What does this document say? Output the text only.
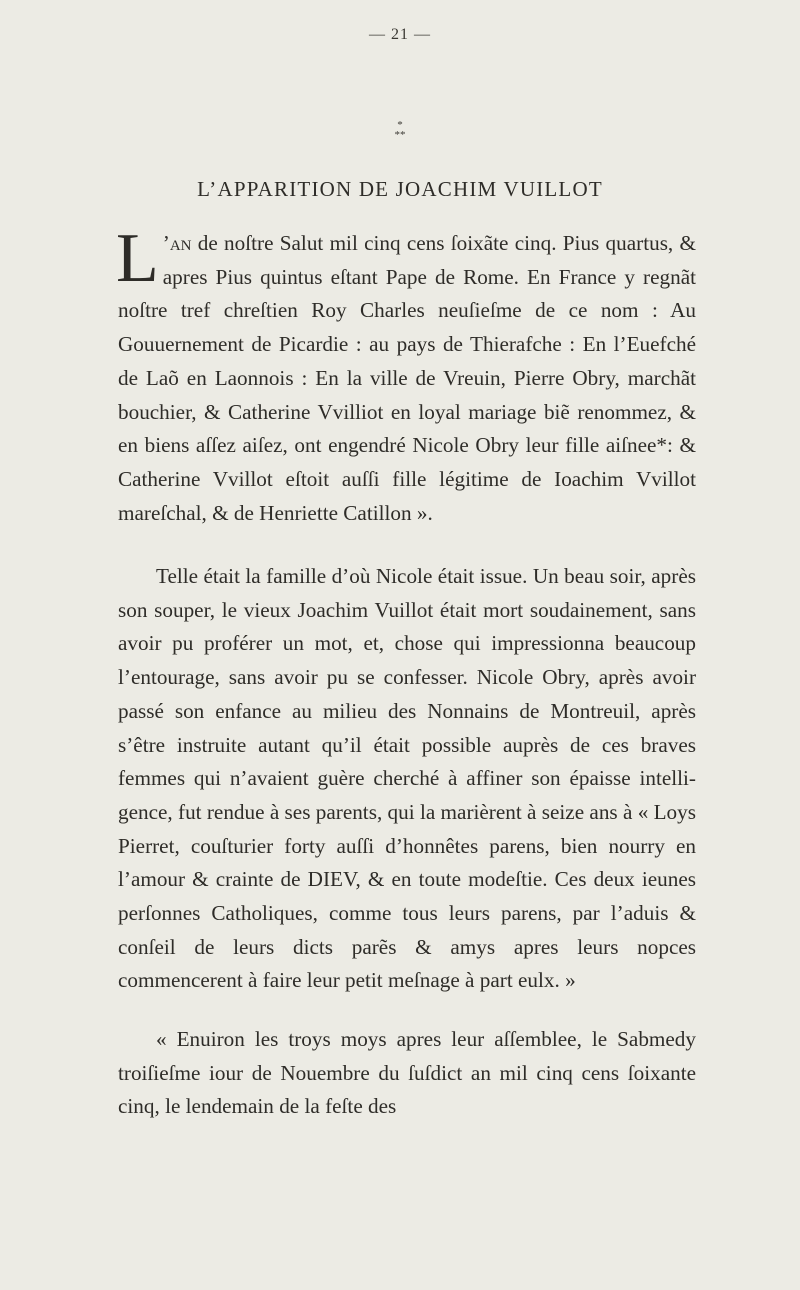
— 21 —
*
**
L’APPARITION DE JOACHIM VUILLOT

L ’an de noſtre Salut mil cinq cens ſoixãte cinq. Pius quartus, & apres Pius quintus eſtant Pape de Rome. En France y regnãt noſtre tref chreſtien Roy Charles neuſieſme de ce nom : Au Gouuernement de Picardie : au pays de Thierafche : En l’Euefché de Laõ en Laonnois : En la ville de Vreuin, Pierre Obry, marchãt bouchier, & Catherine Vvilliot en loyal mariage biẽ renommez, & en biens aſſez aiſez, ont engendré Nicole Obry leur fille aiſnee*: & Catherine Vvillot eſtoit auſſi fille légitime de Ioachim Vvillot mareſchal, & de Henriette Catillon ».

Telle était la famille d’où Nicole était issue. Un beau soir, après son souper, le vieux Joachim Vuillot était mort soudainement, sans avoir pu proférer un mot, et, chose qui impressionna beaucoup l’entourage, sans avoir pu se confesser. Nicole Obry, après avoir passé son enfance au milieu des Nonnains de Montreuil, après s’être instruite autant qu’il était possible auprès de ces braves femmes qui n’avaient guère cherché à affiner son épaisse intelli-gence, fut rendue à ses parents, qui la marièrent à seize ans à « Loys Pierret, couſturier forty auſſi d’honnêtes parens, bien nourry en l’amour & crainte de DIEV, & en toute modeſtie. Ces deux ieunes perſonnes Catholiques, comme tous leurs parens, par l’aduis & conſeil de leurs dicts parẽs & amys apres leurs nopces commencerent à faire leur petit meſnage à part eulx. »

« Enuiron les troys moys apres leur aſſemblee, le Sabmedy troiſieſme iour de Nouembre du ſuſdict an mil cinq cens ſoixante cinq, le lendemain de la feſte des
